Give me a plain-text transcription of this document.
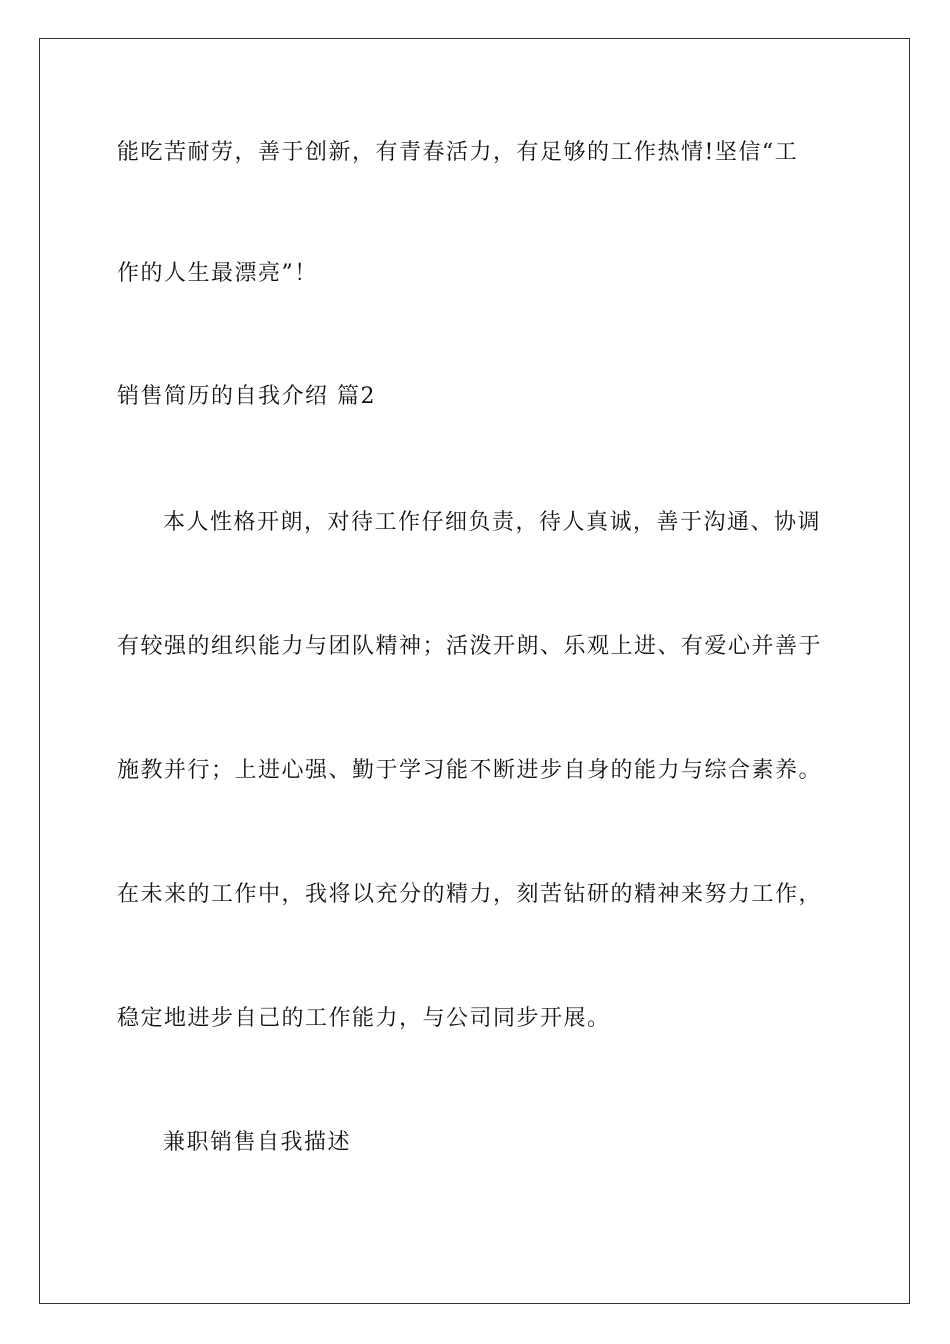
能吃苦耐劳，善于创新，有青春活力，有足够的工作热情!坚信“工
作的人生最漂亮”！
销售简历的自我介绍 篇2
本人性格开朗，对待工作仔细负责，待人真诚，善于沟通、协调
有较强的组织能力与团队精神；活泼开朗、乐观上进、有爱心并善于
施教并行；上进心强、勤于学习能不断进步自身的能力与综合素养。
在未来的工作中，我将以充分的精力，刻苦钻研的精神来努力工作，
稳定地进步自己的工作能力，与公司同步开展。
兼职销售自我描述
